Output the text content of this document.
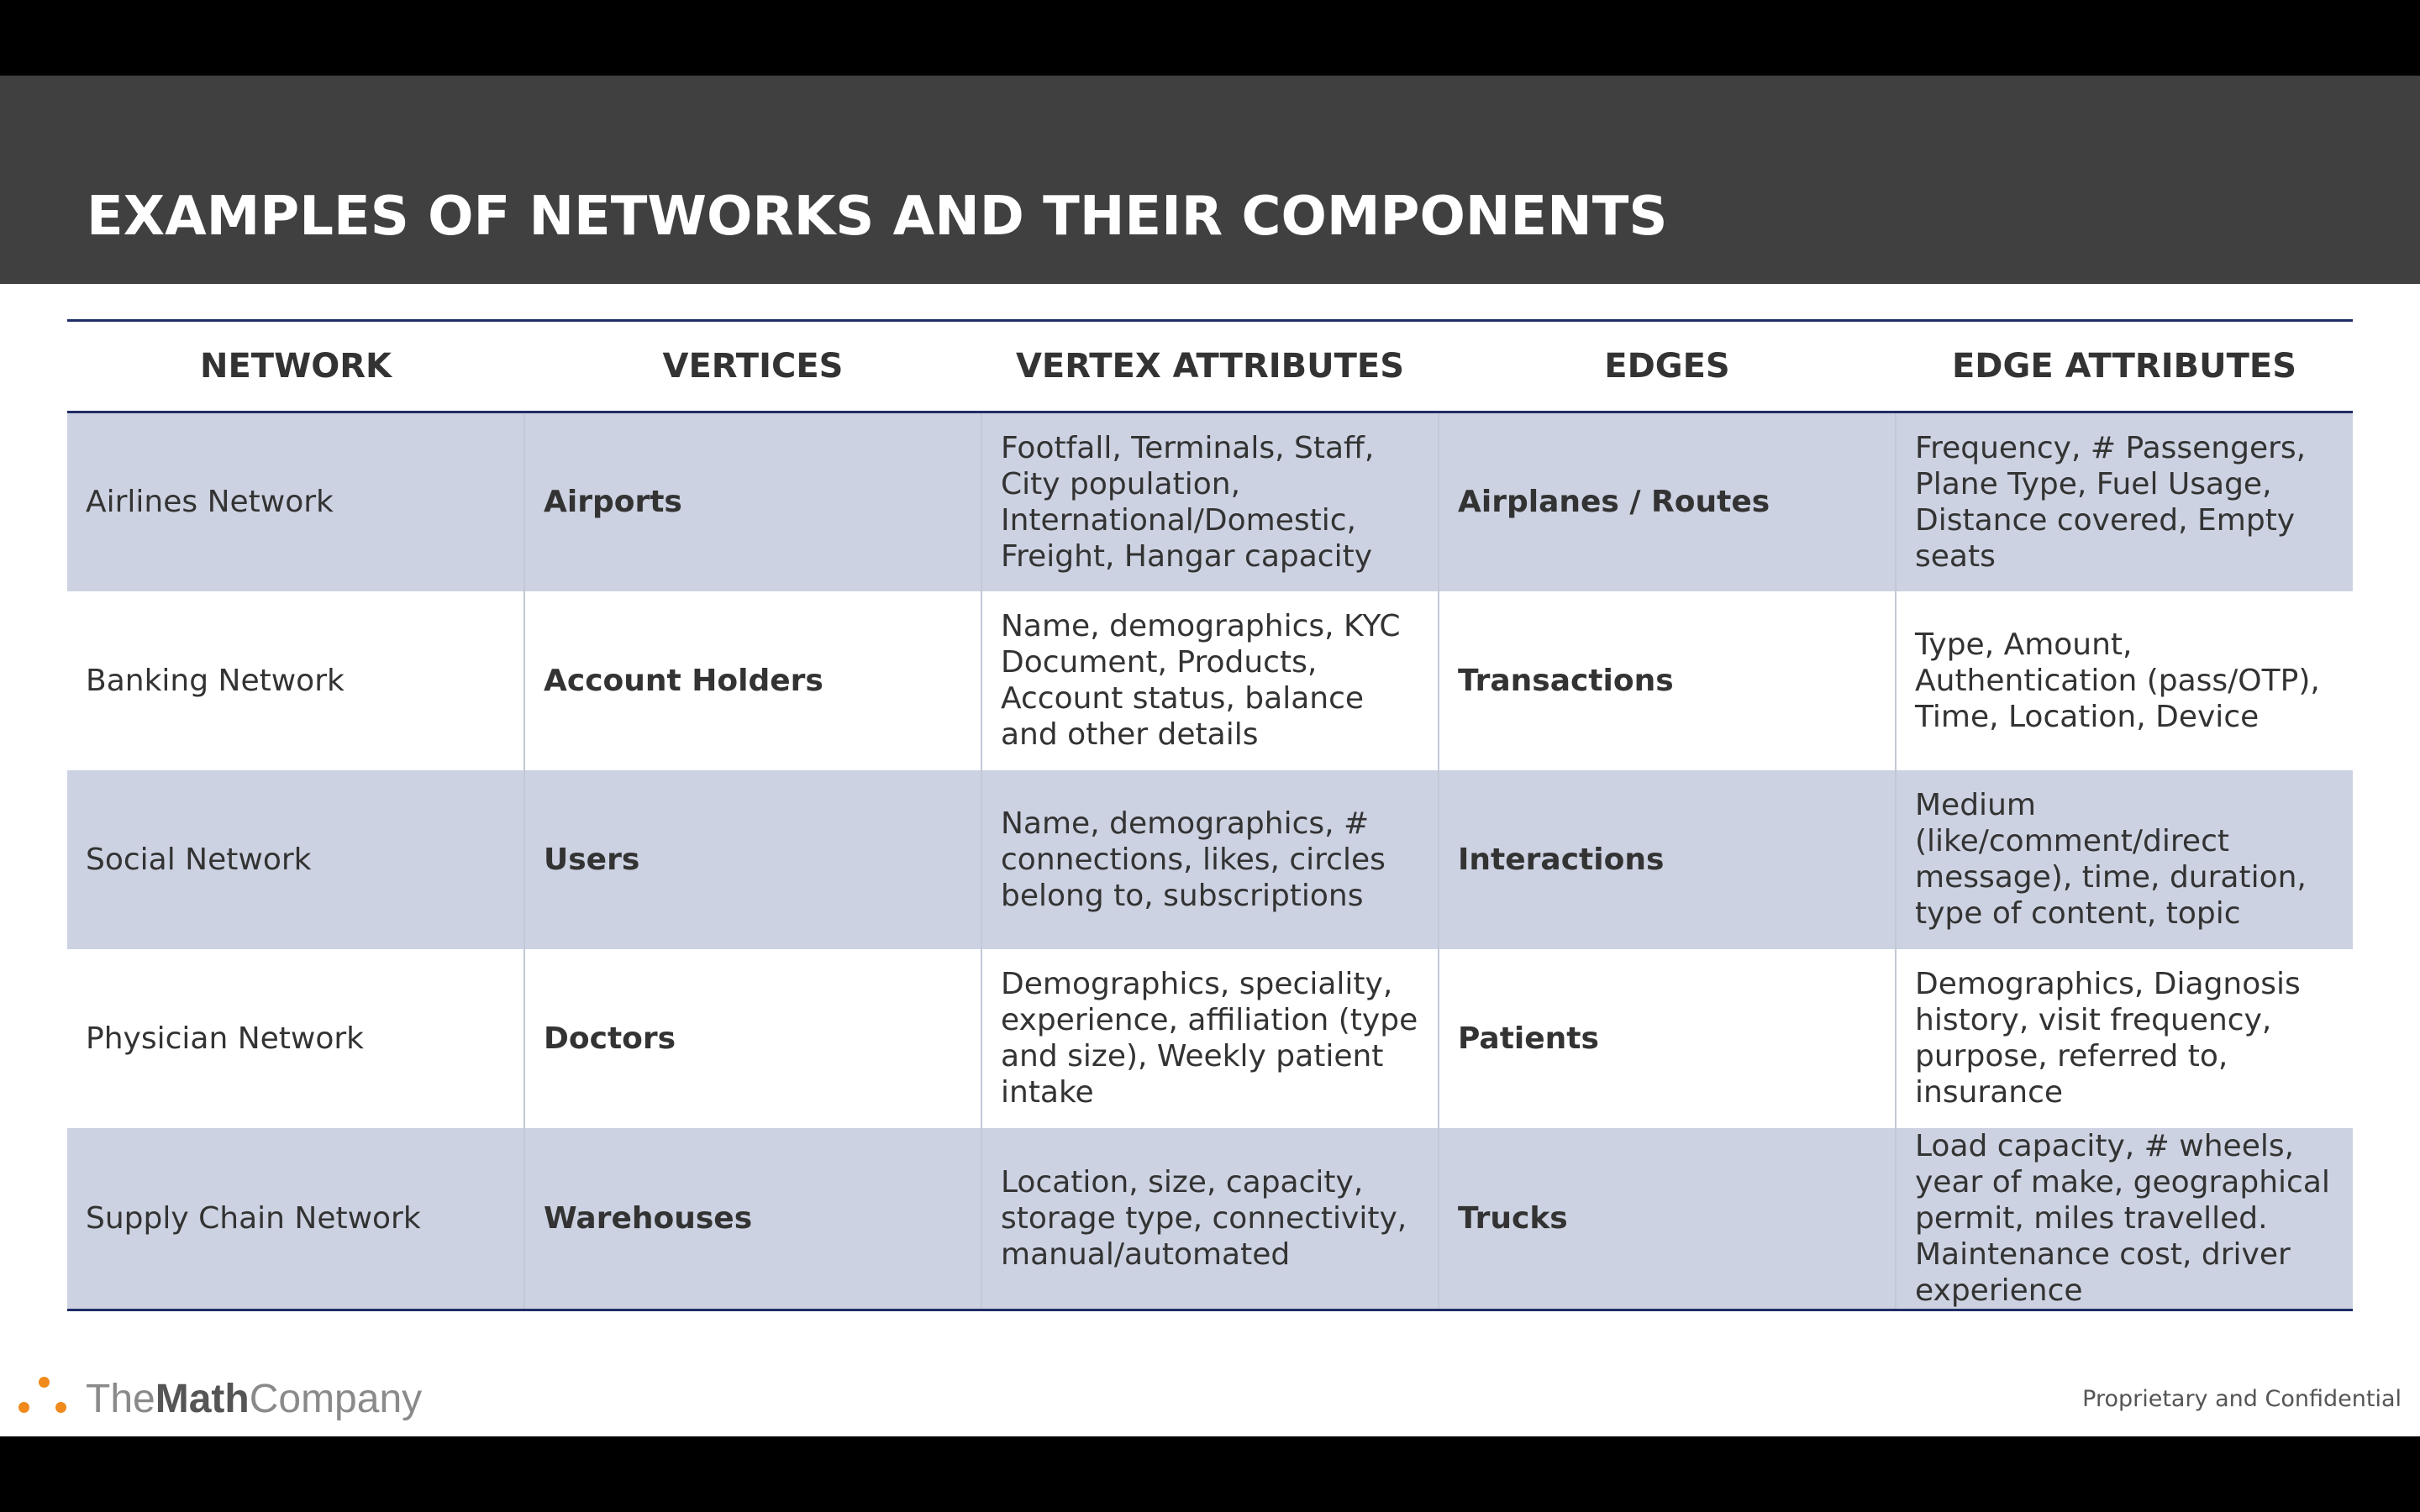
EXAMPLES OF NETWORKS AND THEIR COMPONENTS
NETWORK	VERTICES	VERTEX ATTRIBUTES	EDGES	EDGE ATTRIBUTES
Airlines Network	Airports	Footfall, Terminals, Staff, City population, International/Domestic, Freight, Hangar capacity	Airplanes / Routes	Frequency, # Passengers, Plane Type, Fuel Usage, Distance covered, Empty seats
Banking Network	Account Holders	Name, demographics, KYC Document, Products, Account status, balance and other details	Transactions	Type, Amount, Authentication (pass/OTP), Time, Location, Device
Social Network	Users	Name, demographics, # connections, likes, circles belong to, subscriptions	Interactions	Medium (like/comment/direct message), time, duration, type of content, topic
Physician Network	Doctors	Demographics, speciality, experience, affiliation (type and size), Weekly patient intake	Patients	Demographics, Diagnosis history, visit frequency, purpose, referred to, insurance
Supply Chain Network	Warehouses	Location, size, capacity, storage type, connectivity, manual/automated	Trucks	Load capacity, # wheels, year of make, geographical permit, miles travelled. Maintenance cost, driver experience
TheMathCompany	Proprietary and Confidential
